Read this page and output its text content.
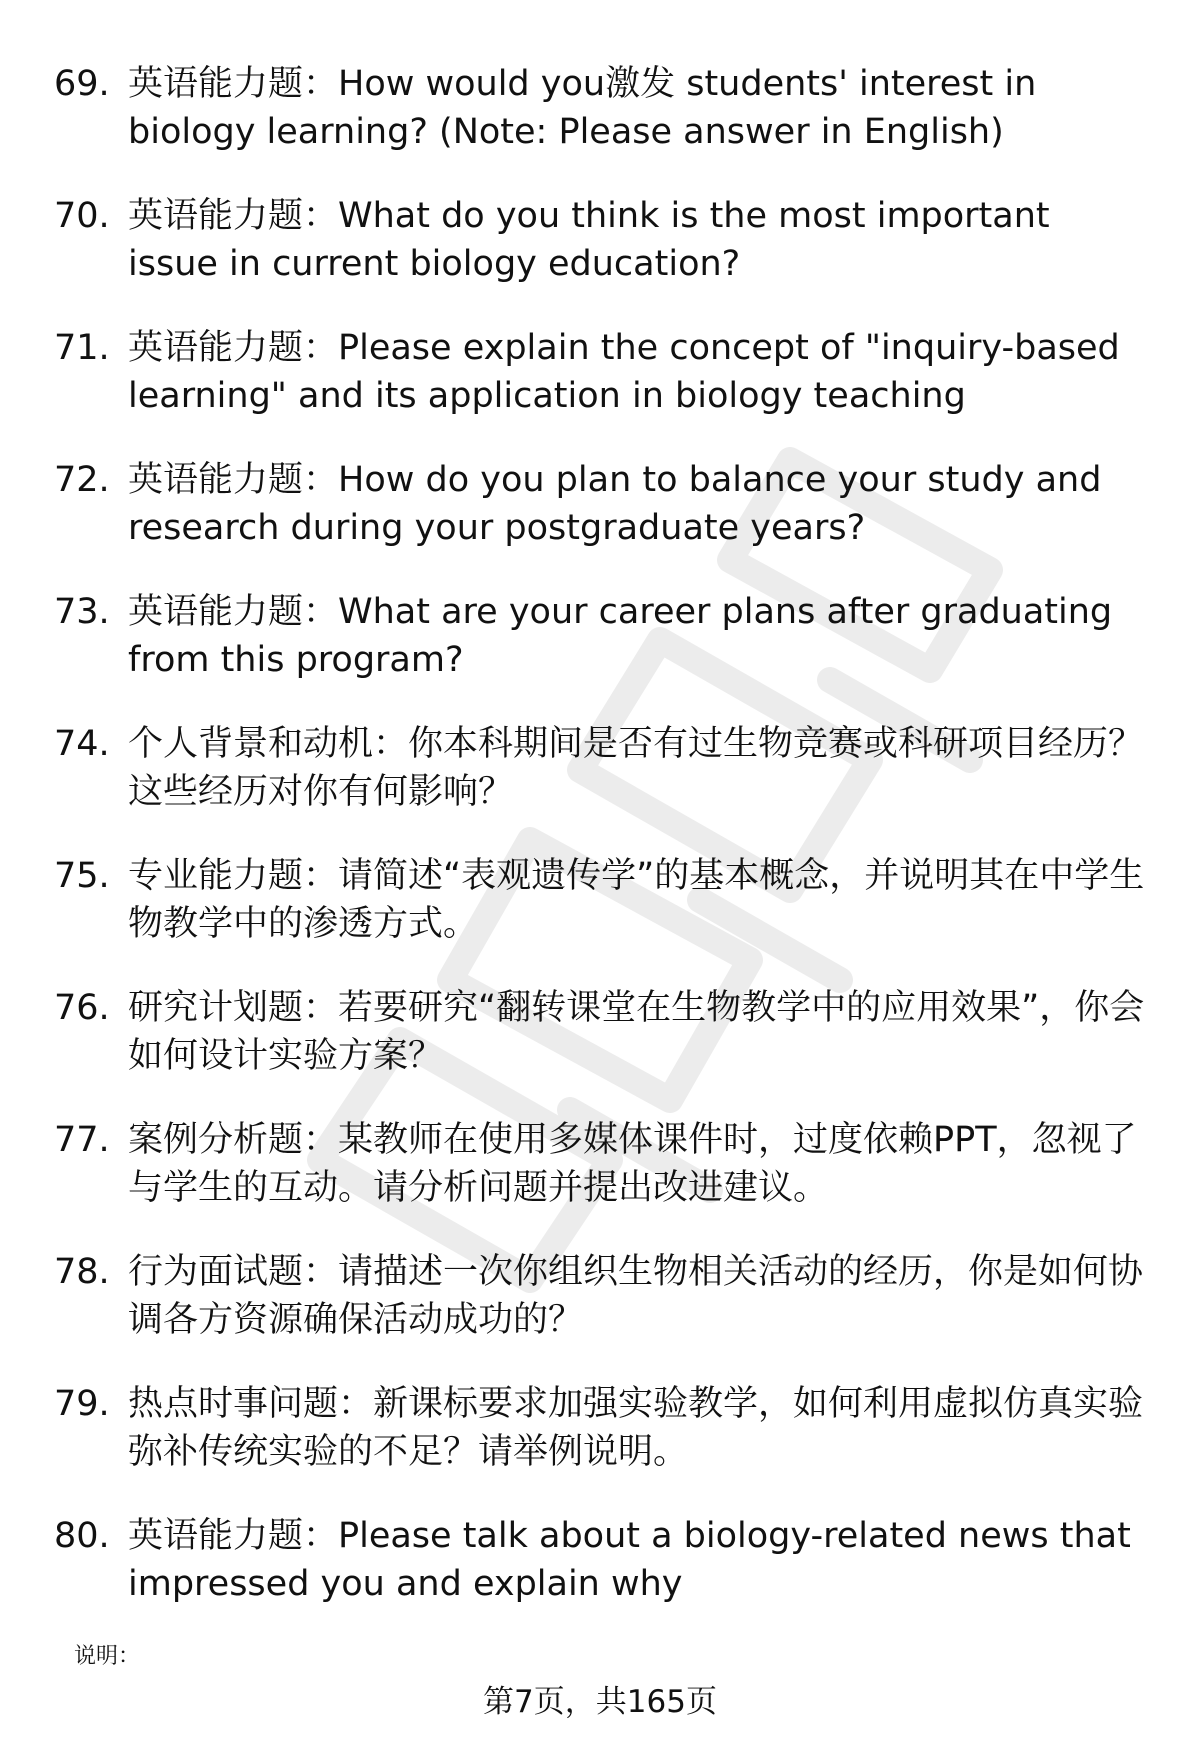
69. 英语能力题：How would you激发 students' interest in biology learning? (Note: Please answer in English)
70. 英语能力题：What do you think is the most important issue in current biology education?
71. 英语能力题：Please explain the concept of "inquiry-based learning" and its application in biology teaching
72. 英语能力题：How do you plan to balance your study and research during your postgraduate years?
73. 英语能力题：What are your career plans after graduating from this program?
74. 个人背景和动机：你本科期间是否有过生物竞赛或科研项目经历？这些经历对你有何影响？
75. 专业能力题：请简述“表观遗传学”的基本概念，并说明其在中学生物教学中的渗透方式。
76. 研究计划题：若要研究“翻转课堂在生物教学中的应用效果”，你会如何设计实验方案？
77. 案例分析题：某教师在使用多媒体课件时，过度依赖PPT，忽视了与学生的互动。请分析问题并提出改进建议。
78. 行为面试题：请描述一次你组织生物相关活动的经历，你是如何协调各方资源确保活动成功的？
79. 热点时事问题：新课标要求加强实验教学，如何利用虚拟仿真实验弥补传统实验的不足？请举例说明。
80. 英语能力题：Please talk about a biology-related news that impressed you and explain why
说明：
第7页，共165页
